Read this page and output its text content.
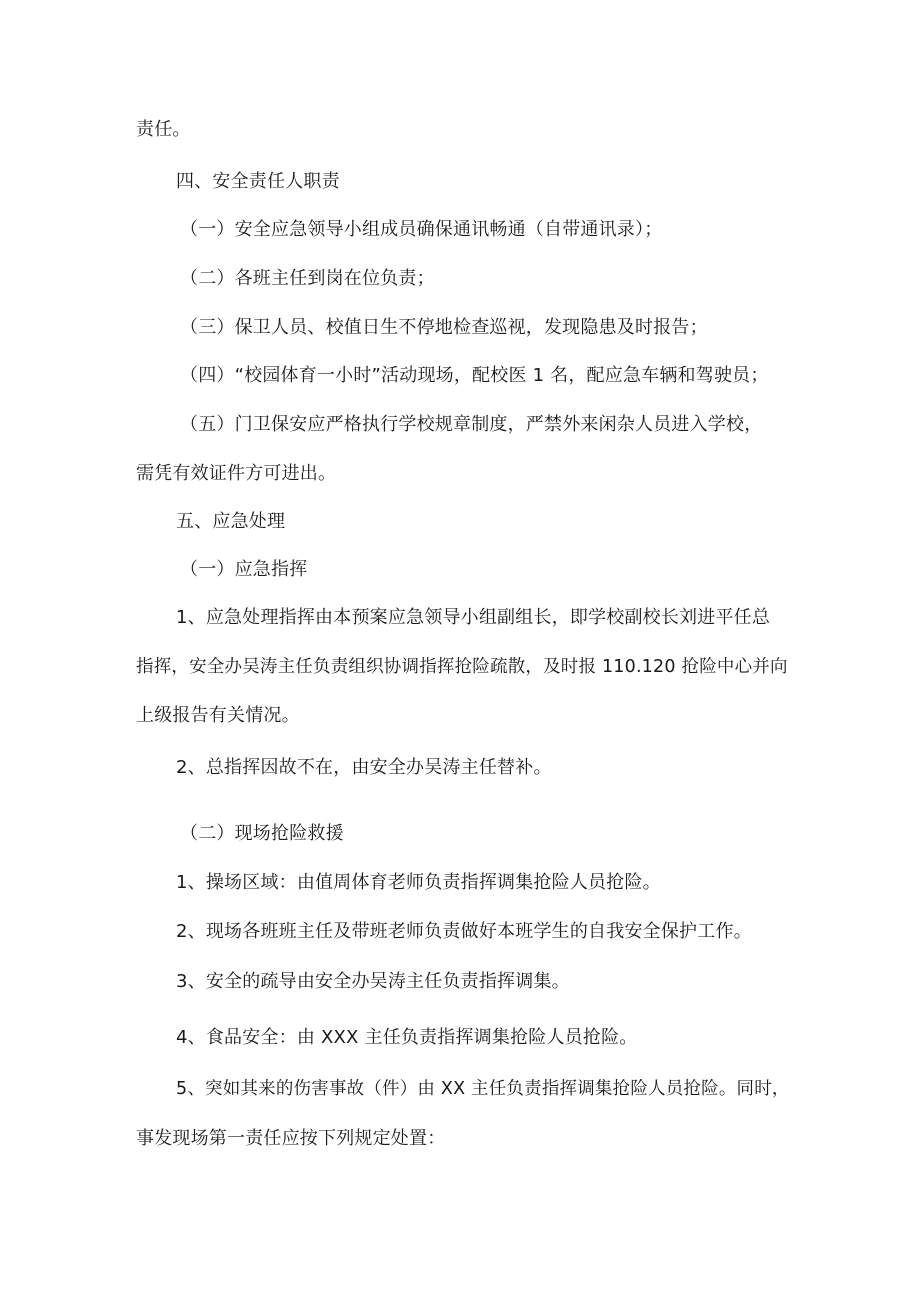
责任。
四、安全责任人职责
（一）安全应急领导小组成员确保通讯畅通（自带通讯录）；
（二）各班主任到岗在位负责；
（三）保卫人员、校值日生不停地检查巡视，发现隐患及时报告；
（四）“校园体育一小时”活动现场，配校医 1 名，配应急车辆和驾驶员；
（五）门卫保安应严格执行学校规章制度，严禁外来闲杂人员进入学校，
需凭有效证件方可进出。
五、应急处理
（一）应急指挥
1、应急处理指挥由本预案应急领导小组副组长，即学校副校长刘进平任总
指挥，安全办吴涛主任负责组织协调指挥抢险疏散，及时报 110.120 抢险中心并向
上级报告有关情况。
2、总指挥因故不在，由安全办吴涛主任替补。
（二）现场抢险救援
1、操场区域：由值周体育老师负责指挥调集抢险人员抢险。
2、现场各班班主任及带班老师负责做好本班学生的自我安全保护工作。
3、安全的疏导由安全办吴涛主任负责指挥调集。
4、食品安全：由 XXX 主任负责指挥调集抢险人员抢险。
5、突如其来的伤害事故（件）由 XX 主任负责指挥调集抢险人员抢险。同时，
事发现场第一责任应按下列规定处置：
